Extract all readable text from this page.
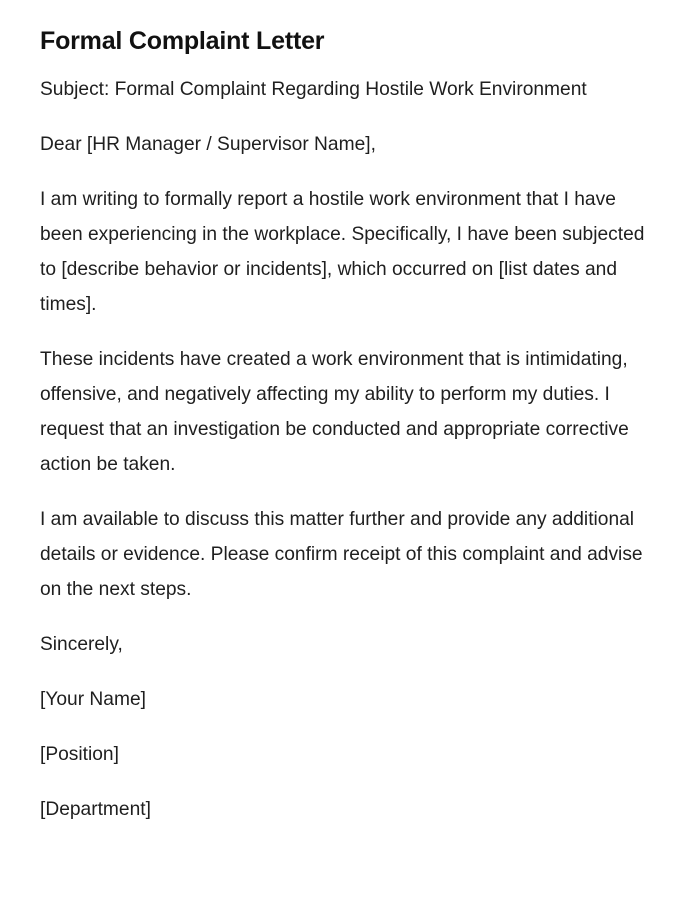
Formal Complaint Letter

Subject: Formal Complaint Regarding Hostile Work Environment

Dear [HR Manager / Supervisor Name],

I am writing to formally report a hostile work environment that I have been experiencing in the workplace. Specifically, I have been subjected to [describe behavior or incidents], which occurred on [list dates and times].

These incidents have created a work environment that is intimidating, offensive, and negatively affecting my ability to perform my duties. I request that an investigation be conducted and appropriate corrective action be taken.

I am available to discuss this matter further and provide any additional details or evidence. Please confirm receipt of this complaint and advise on the next steps.

Sincerely,

[Your Name]

[Position]

[Department]
